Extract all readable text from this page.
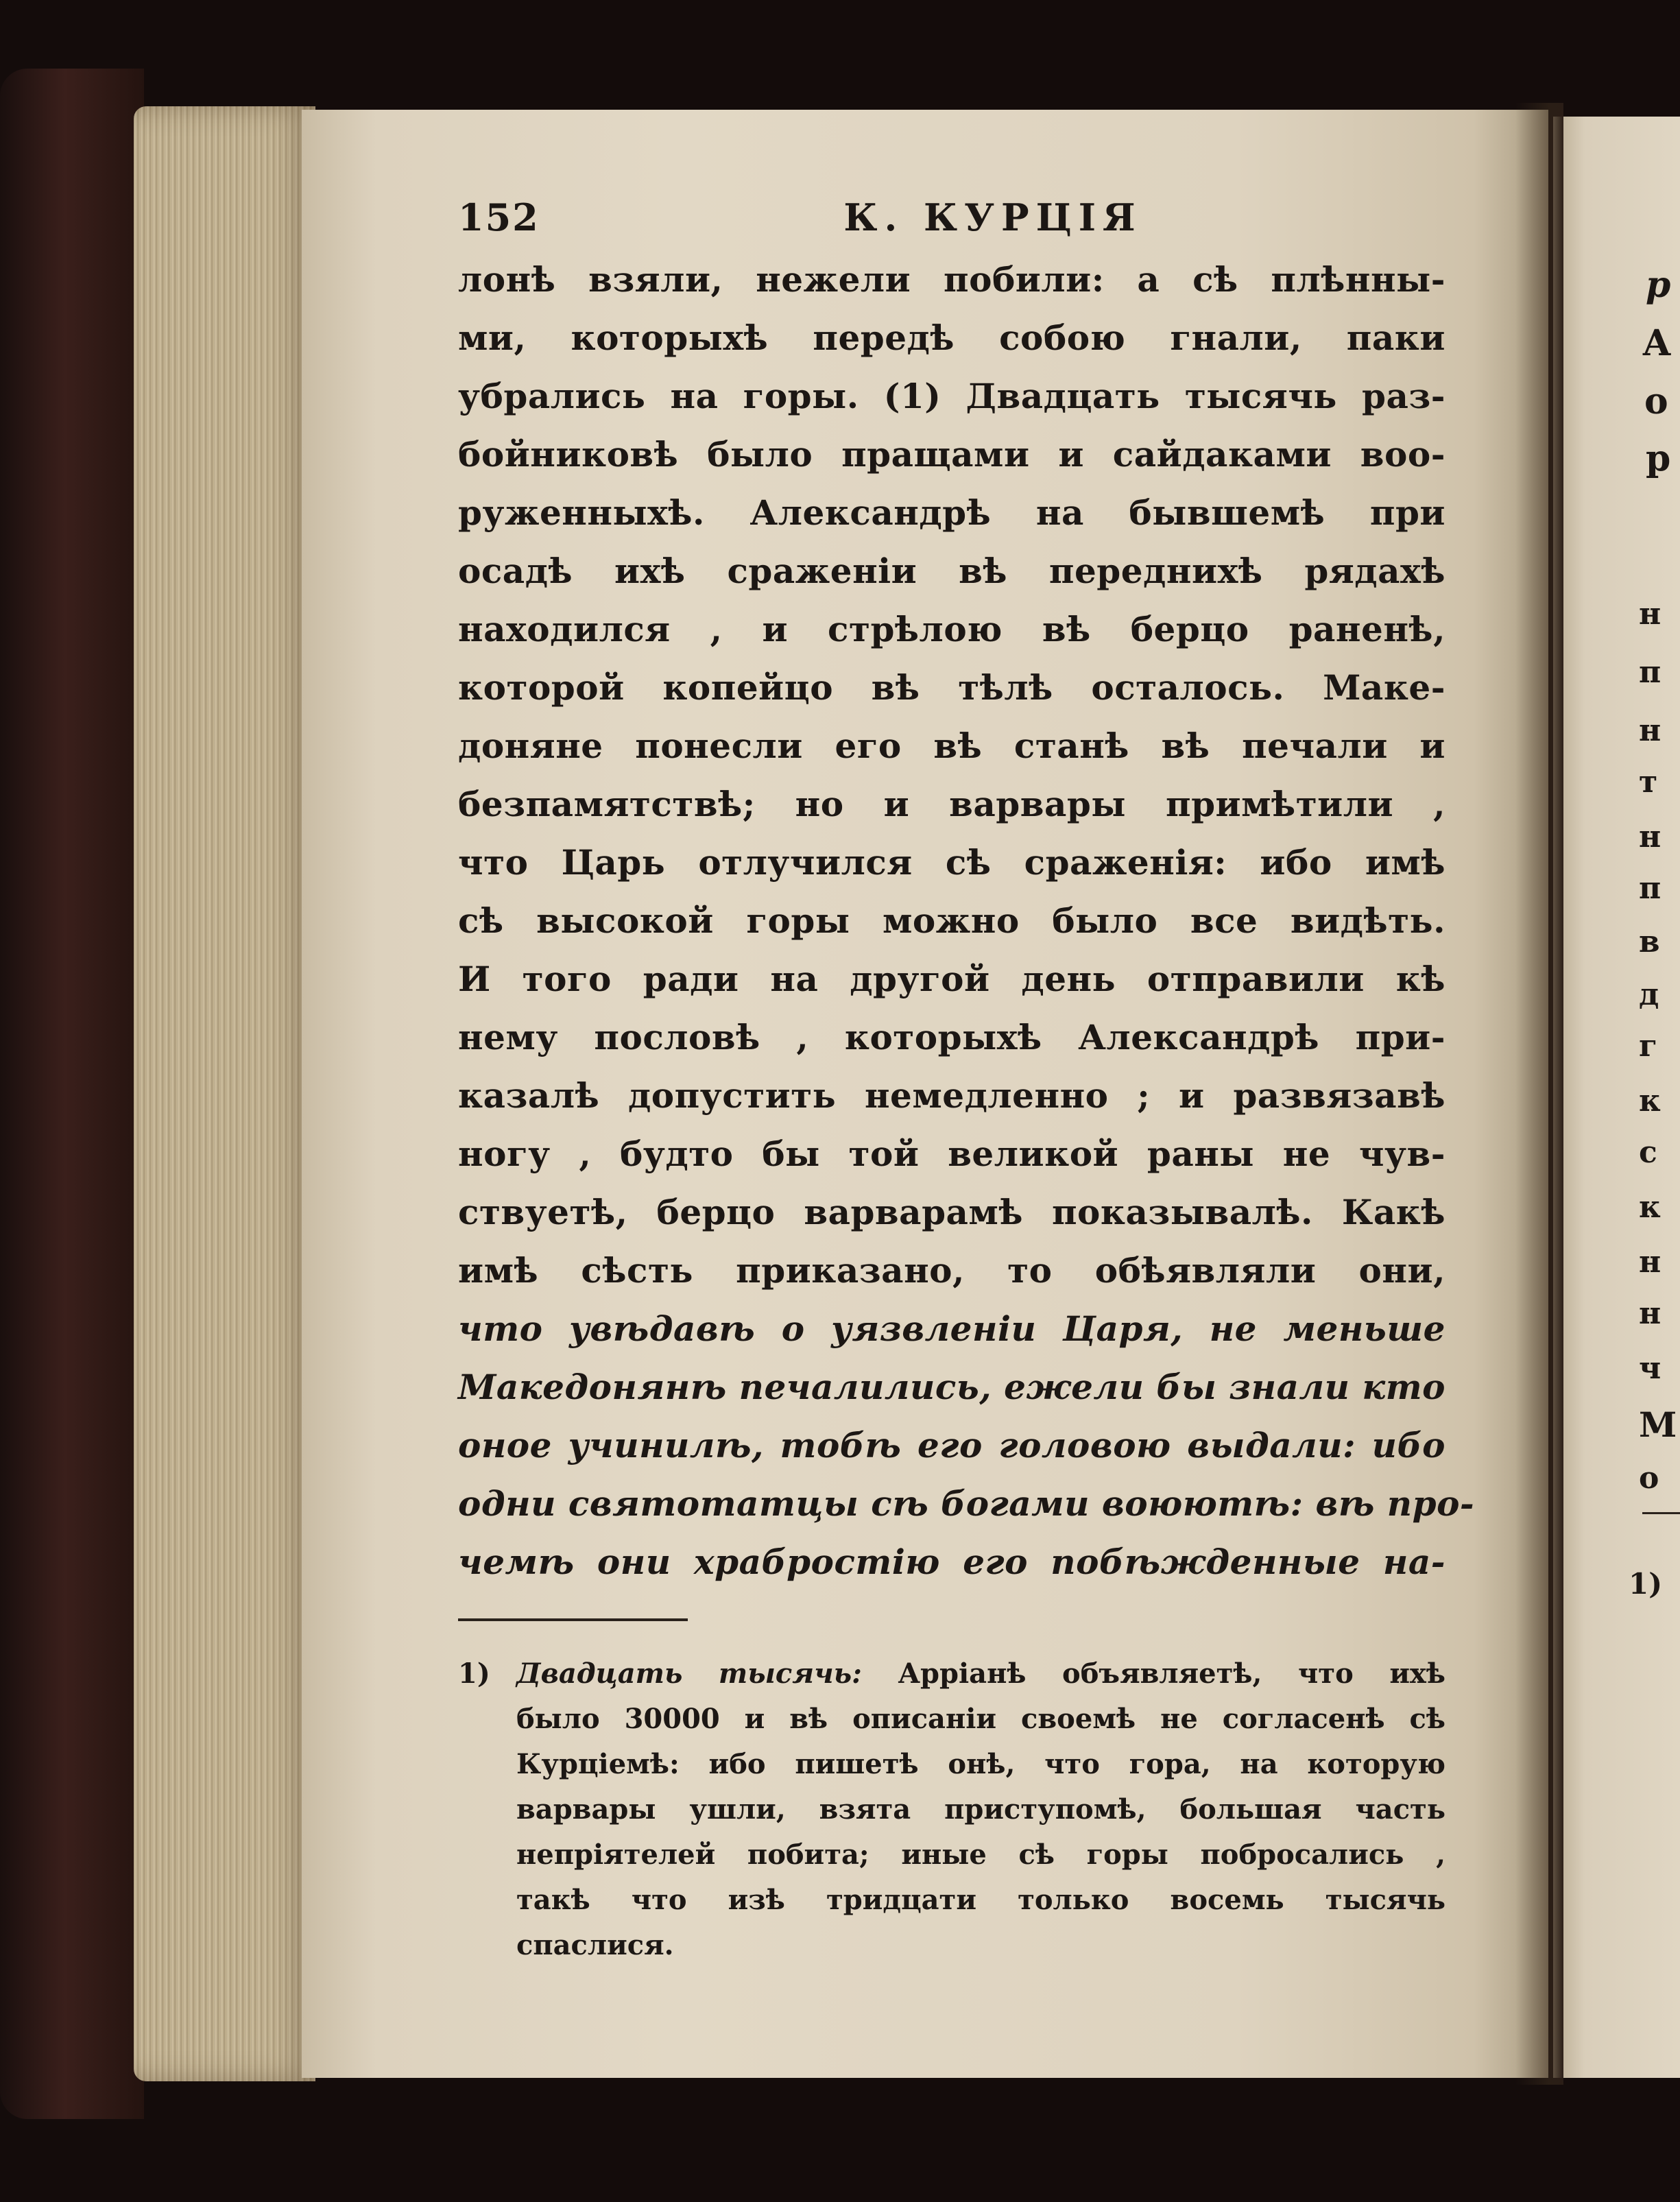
152	К. КУРЦІЯ
лонѣ взяли, нежели побили: а сѣ плѣнны-
ми, которыхѣ передѣ собою гнали, паки
убрались на горы. (1) Двадцать тысячь раз-
бойниковѣ было пращами и сайдаками воо-
руженныхѣ. Александрѣ на бывшемѣ при
осадѣ ихѣ сраженіи вѣ переднихѣ рядахѣ
находился , и стрѣлою вѣ берцо раненѣ,
которой копейцо вѣ тѣлѣ осталось. Маке-
доняне понесли его вѣ станѣ вѣ печали и
безпамятствѣ; но и варвары примѣтили ,
что Царь отлучился сѣ сраженія: ибо имѣ
сѣ высокой горы можно было все видѣть.
И того ради на другой день отправили кѣ
нему пословѣ , которыхѣ Александрѣ при-
казалѣ допустить немедленно ; и развязавѣ
ногу , будто бы той великой раны не чув-
ствуетѣ, берцо варварамѣ показывалѣ. Какѣ
имѣ сѣсть приказано, то обѣявляли они,
что увѣдавѣ о уязвленіи Царя, не меньше
Македонянѣ печалились, ежели бы знали кто
оное учинилѣ, тобѣ его головою выдали: ибо
одни святотатцы сѣ богами воюютѣ: вѣ про-
чемѣ они храбростію его побѣжденные на-
1) Двадцать тысячь: Арріанѣ объявляетѣ, что ихѣ
было 30000 и вѣ описаніи своемѣ не согласенѣ сѣ
Курціемѣ: ибо пишетѣ онѣ, что гора, на которую
варвары ушли, взята приступомѣ, большая часть
непріятелей побита; иные сѣ горы побросались ,
такѣ что изѣ тридцати только восемь тысячь
спаслися.
р
А
о
р
н
п
н
т
н
п
в
д
г
к
с
к
н
н
ч
М
о
1)
